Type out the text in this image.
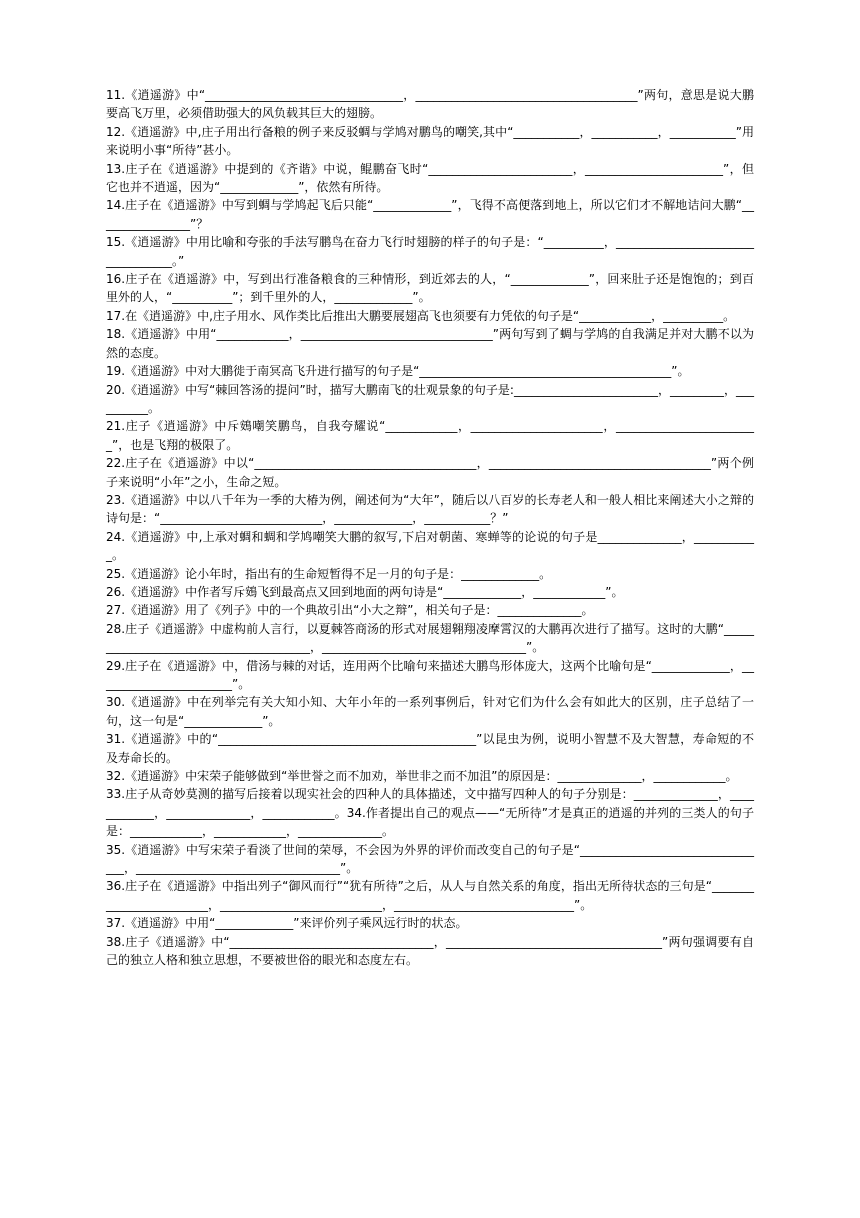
11.《逍遥游》中“_________________________________，_____________________________________”两句，意思是说大鹏要高飞万里，必须借助强大的风负载其巨大的翅膀。

12.《逍遥游》中,庄子用出行备粮的例子来反驳蜩与学鸠对鹏鸟的嘲笑,其中“___________，___________，___________”用来说明小事“所待”甚小。

13.庄子在《逍遥游》中提到的《齐谐》中说，鲲鹏奋飞时“________________________，_______________________”，但它也并不逍遥，因为“_____________”，依然有所待。

14.庄子在《逍遥游》中写到蜩与学鸠起飞后只能“_____________”，飞得不高便落到地上，所以它们才不解地诘问大鹏“________________”？

15.《逍遥游》中用比喻和夸张的手法写鹏鸟在奋力飞行时翅膀的样子的句子是：“__________，__________________________________。”

16.庄子在《逍遥游》中，写到出行准备粮食的三种情形，到近郊去的人，“_____________”，回来肚子还是饱饱的；到百里外的人，“__________”；到千里外的人，_____________”。

17.在《逍遥游》中,庄子用水、风作类比后推出大鹏要展翅高飞也须要有力凭依的句子是“____________，__________。

18.《逍遥游》中用“____________，________________________________”两句写到了蜩与学鸠的自我满足并对大鹏不以为然的态度。

19.《逍遥游》中对大鹏徙于南冥高飞升进行描写的句子是“__________________________________________”。

20.《逍遥游》中写“棘回答汤的提问”时，描写大鹏南飞的壮观景象的句子是:________________________，_________，__________。

21.庄子《逍遥游》中斥鴳嘲笑鹏鸟，自我夸耀说“____________，______________________，________________________”，也是飞翔的极限了。

22.庄子在《逍遥游》中以“_____________________________________，_____________________________________”两个例子来说明“小年”之小，生命之短。

23.《逍遥游》中以八千年为一季的大椿为例，阐述何为“大年”，随后以八百岁的长寿老人和一般人相比来阐述大小之辩的诗句是：“___________________________，_____________，___________？”

24.《逍遥游》中,上承对蜩和蜩和学鸠嘲笑大鹏的叙写,下启对朝菌、寒蝉等的论说的句子是______________，___________。

25.《逍遥游》论小年时，指出有的生命短暂得不足一月的句子是：_____________。

26.《逍遥游》中作者写斥鴳飞到最高点又回到地面的两句诗是“_____________，____________”。

27.《逍遥游》用了《列子》中的一个典故引出“小大之辩”，相关句子是：______________。

28.庄子《逍遥游》中虚构前人言行，以夏棘答商汤的形式对展翅翱翔凌摩霄汉的大鹏再次进行了描写。这时的大鹏“_______________________________________，__________________________________”。

29.庄子在《逍遥游》中，借汤与棘的对话，连用两个比喻句来描述大鹏鸟形体庞大，这两个比喻句是“_____________，_______________________”。

30.《逍遥游》中在列举完有关大知小知、大年小年的一系列事例后，针对它们为什么会有如此大的区别，庄子总结了一句，这一句是“_____________”。

31.《逍遥游》中的“___________________________________________”以昆虫为例，说明小智慧不及大智慧，寿命短的不及寿命长的。

32.《逍遥游》中宋荣子能够做到“举世誉之而不加劝，举世非之而不加沮”的原因是：______________，____________。

33.庄子从奇妙莫测的描写后接着以现实社会的四种人的具体描述，文中描写四种人的句子分别是：______________，____________，______________，____________。34.作者提出自己的观点——“无所待”才是真正的逍遥的并列的三类人的句子是：____________，____________，______________。

35.《逍遥游》中写宋荣子看淡了世间的荣辱，不会因为外界的评价而改变自己的句子是“________________________________，__________________________________”。

36.庄子在《逍遥游》中指出列子“御风而行”“犹有所待”之后，从人与自然关系的角度，指出无所待状态的三句是“________________________，___________________________，______________________________”。

37.《逍遥游》中用“_____________”来评价列子乘风远行时的状态。

38.庄子《逍遥游》中“__________________________________，____________________________________”两句强调要有自己的独立人格和独立思想，不要被世俗的眼光和态度左右。
